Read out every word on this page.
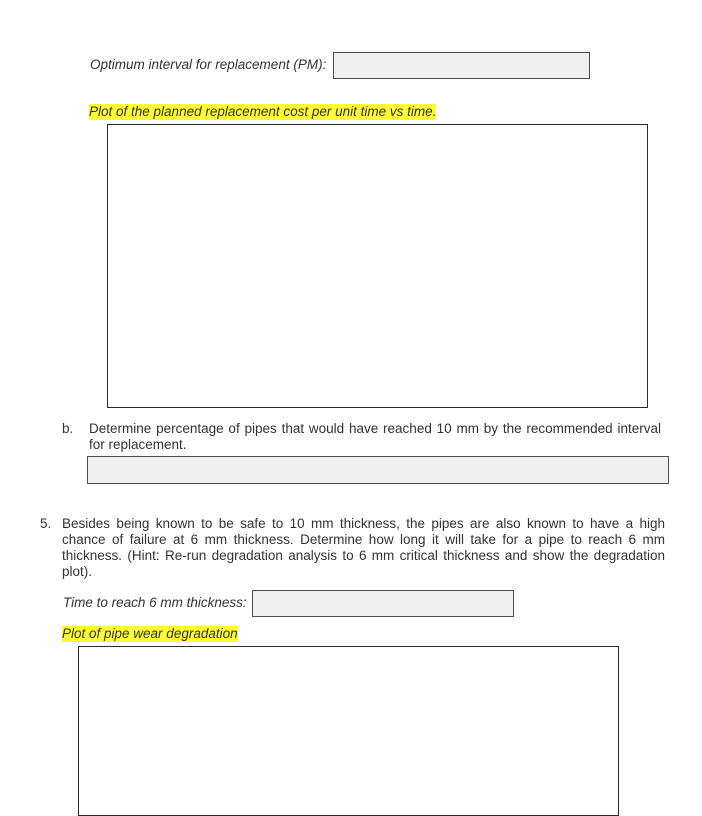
Optimum interval for replacement (PM):
Plot of the planned replacement cost per unit time vs time.
b. Determine percentage of pipes that would have reached 10 mm by the recommended interval for replacement.
5. Besides being known to be safe to 10 mm thickness, the pipes are also known to have a high chance of failure at 6 mm thickness. Determine how long it will take for a pipe to reach 6 mm thickness. (Hint: Re-run degradation analysis to 6 mm critical thickness and show the degradation plot).
Time to reach 6 mm thickness:
Plot of pipe wear degradation
